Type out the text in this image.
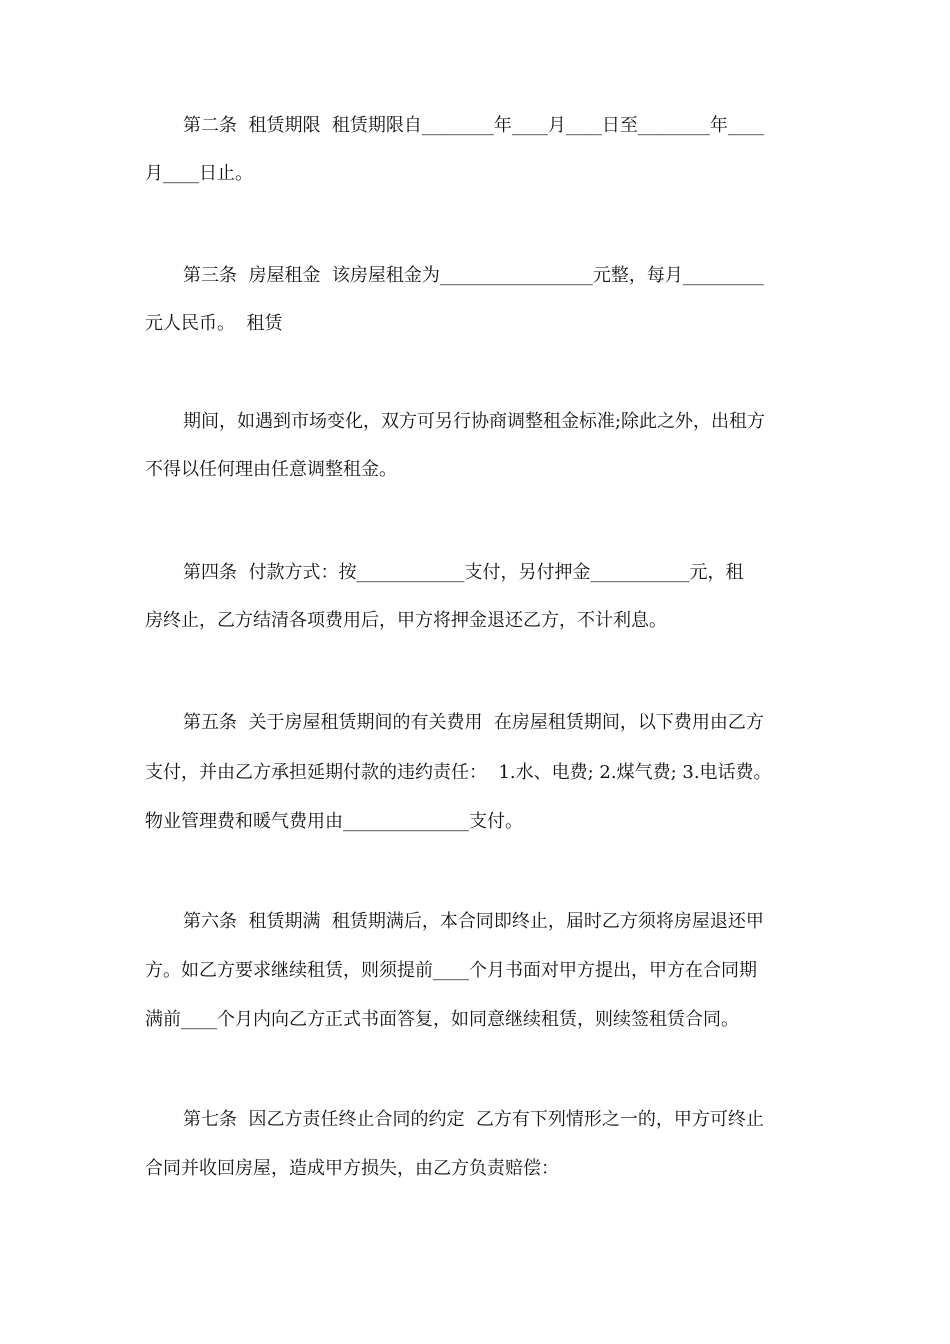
第二条  租赁期限  租赁期限自________年____月____日至________年____
月____日止。
第三条  房屋租金  该房屋租金为_________________元整，每月_________
元人民币。  租赁
期间，如遇到市场变化，双方可另行协商调整租金标准;除此之外，出租方
不得以任何理由任意调整租金。
第四条  付款方式：按____________支付，另付押金___________元，租
房终止，乙方结清各项费用后，甲方将押金退还乙方，不计利息。
第五条  关于房屋租赁期间的有关费用  在房屋租赁期间，以下费用由乙方
支付，并由乙方承担延期付款的违约责任：  1.水、电费; 2.煤气费; 3.电话费。
物业管理费和暖气费用由______________支付。
第六条  租赁期满  租赁期满后，本合同即终止，届时乙方须将房屋退还甲
方。如乙方要求继续租赁，则须提前____个月书面对甲方提出，甲方在合同期
满前____个月内向乙方正式书面答复，如同意继续租赁，则续签租赁合同。
第七条  因乙方责任终止合同的约定  乙方有下列情形之一的，甲方可终止
合同并收回房屋，造成甲方损失，由乙方负责赔偿：
